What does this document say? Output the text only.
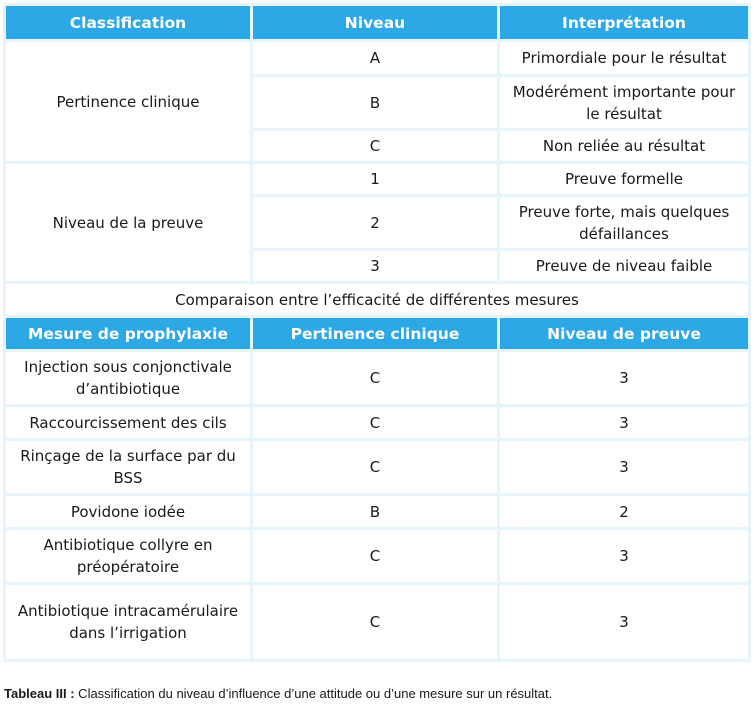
Classification	Niveau	Interprétation
Pertinence clinique	A	Primordiale pour le résultat
	B	Modérément importante pour le résultat
	C	Non reliée au résultat
Niveau de la preuve	1	Preuve formelle
	2	Preuve forte, mais quelques défaillances
	3	Preuve de niveau faible
Comparaison entre l’efficacité de différentes mesures		
Mesure de prophylaxie	Pertinence clinique	Niveau de preuve
Injection sous conjonctivale d’antibiotique	C	3
Raccourcissement des cils	C	3
Rinçage de la surface par du BSS	C	3
Povidone iodée	B	2
Antibiotique collyre en préopératoire	C	3
Antibiotique intracamérulaire dans l’irrigation	C	3
Tableau III : Classification du niveau d’influence d’une attitude ou d’une mesure sur un résultat.
